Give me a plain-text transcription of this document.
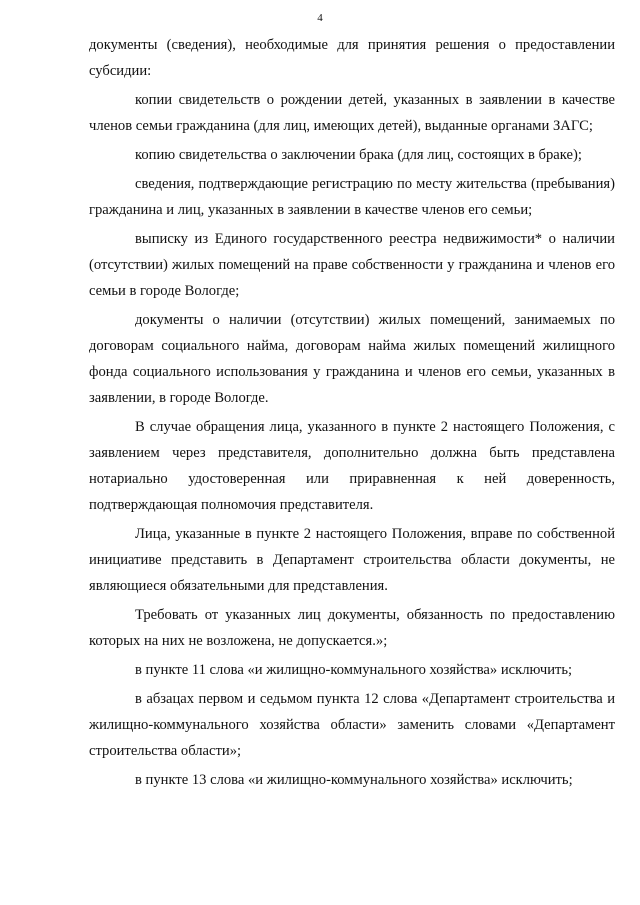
4

документы (сведения), необходимые для принятия решения о предоставлении субсидии:

копии свидетельств о рождении детей, указанных в заявлении в качестве членов семьи гражданина (для лиц, имеющих детей), выданные органами ЗАГС;

копию свидетельства о заключении брака (для лиц, состоящих в браке);

сведения, подтверждающие регистрацию по месту жительства (пребывания) гражданина и лиц, указанных в заявлении в качестве членов его семьи;

выписку из Единого государственного реестра недвижимости* о наличии (отсутствии) жилых помещений на праве собственности у гражданина и членов его семьи в городе Вологде;

документы о наличии (отсутствии) жилых помещений, занимаемых по договорам социального найма, договорам найма жилых помещений жилищного фонда социального использования у гражданина и членов его семьи, указанных в заявлении, в городе Вологде.

В случае обращения лица, указанного в пункте 2 настоящего Положения, с заявлением через представителя, дополнительно должна быть представлена нотариально удостоверенная или приравненная к ней доверенность, подтверждающая полномочия представителя.

Лица, указанные в пункте 2 настоящего Положения, вправе по собственной инициативе представить в Департамент строительства области документы, не являющиеся обязательными для представления.

Требовать от указанных лиц документы, обязанность по предоставлению которых на них не возложена, не допускается.»;

в пункте 11 слова «и жилищно-коммунального хозяйства» исключить;

в абзацах первом и седьмом пункта 12 слова «Департамент строительства и жилищно-коммунального хозяйства области» заменить словами «Департамент строительства области»;

в пункте 13 слова «и жилищно-коммунального хозяйства» исключить;
